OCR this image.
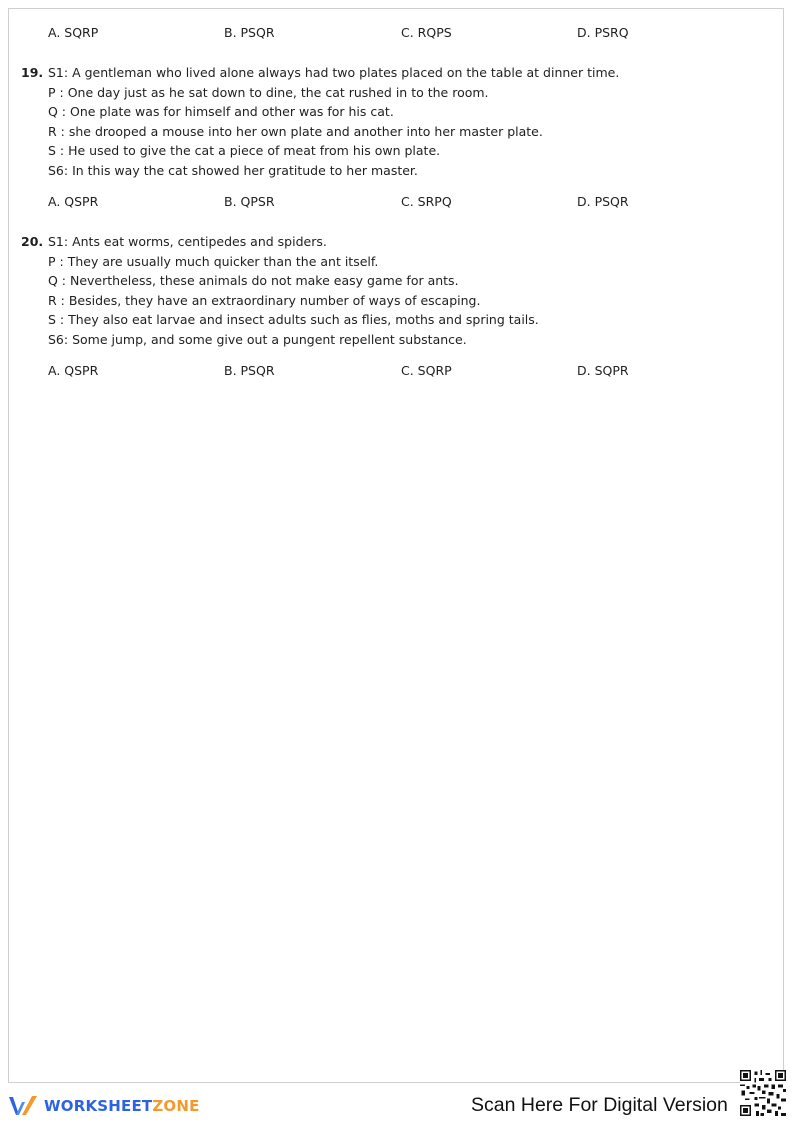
A. SQRP	B. PSQR	C. RQPS	D. PSRQ
19. S1: A gentleman who lived alone always had two plates placed on the table at dinner time.
P : One day just as he sat down to dine, the cat rushed in to the room.
Q : One plate was for himself and other was for his cat.
R : she drooped a mouse into her own plate and another into her master plate.
S : He used to give the cat a piece of meat from his own plate.
S6: In this way the cat showed her gratitude to her master.
A. QSPR	B. QPSR	C. SRPQ	D. PSQR
20. S1: Ants eat worms, centipedes and spiders.
P : They are usually much quicker than the ant itself.
Q : Nevertheless, these animals do not make easy game for ants.
R : Besides, they have an extraordinary number of ways of escaping.
S : They also eat larvae and insect adults such as flies, moths and spring tails.
S6: Some jump, and some give out a pungent repellent substance.
A. QSPR	B. PSQR	C. SQRP	D. SQPR
WORKSHEETZONE	Scan Here For Digital Version
